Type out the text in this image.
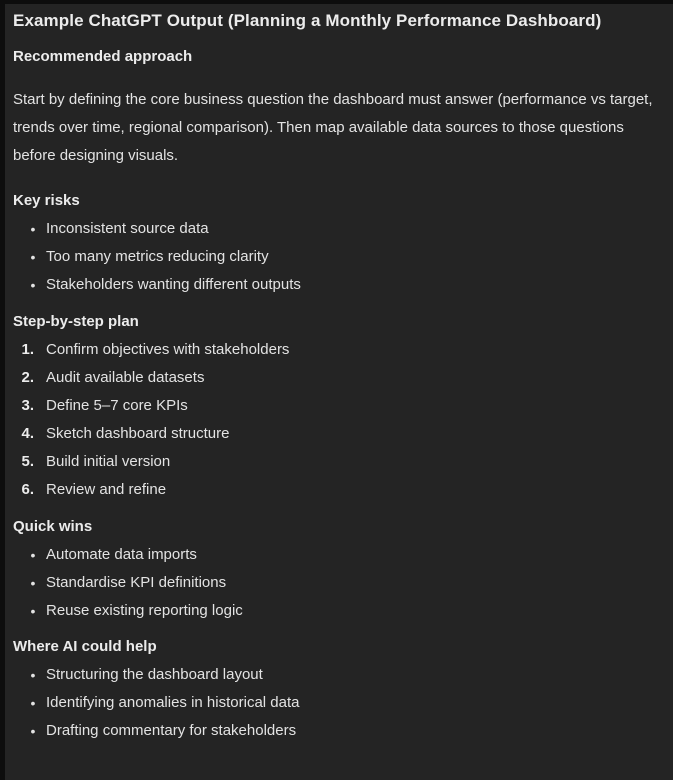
Example ChatGPT Output (Planning a Monthly Performance Dashboard)
Recommended approach

Start by defining the core business question the dashboard must answer (performance vs target, trends over time, regional comparison). Then map available data sources to those questions before designing visuals.

Key risks
• Inconsistent source data
• Too many metrics reducing clarity
• Stakeholders wanting different outputs
Step-by-step plan
1. Confirm objectives with stakeholders
2. Audit available datasets
3. Define 5–7 core KPIs
4. Sketch dashboard structure
5. Build initial version
6. Review and refine
Quick wins
• Automate data imports
• Standardise KPI definitions
• Reuse existing reporting logic
Where AI could help
• Structuring the dashboard layout
• Identifying anomalies in historical data
• Drafting commentary for stakeholders
